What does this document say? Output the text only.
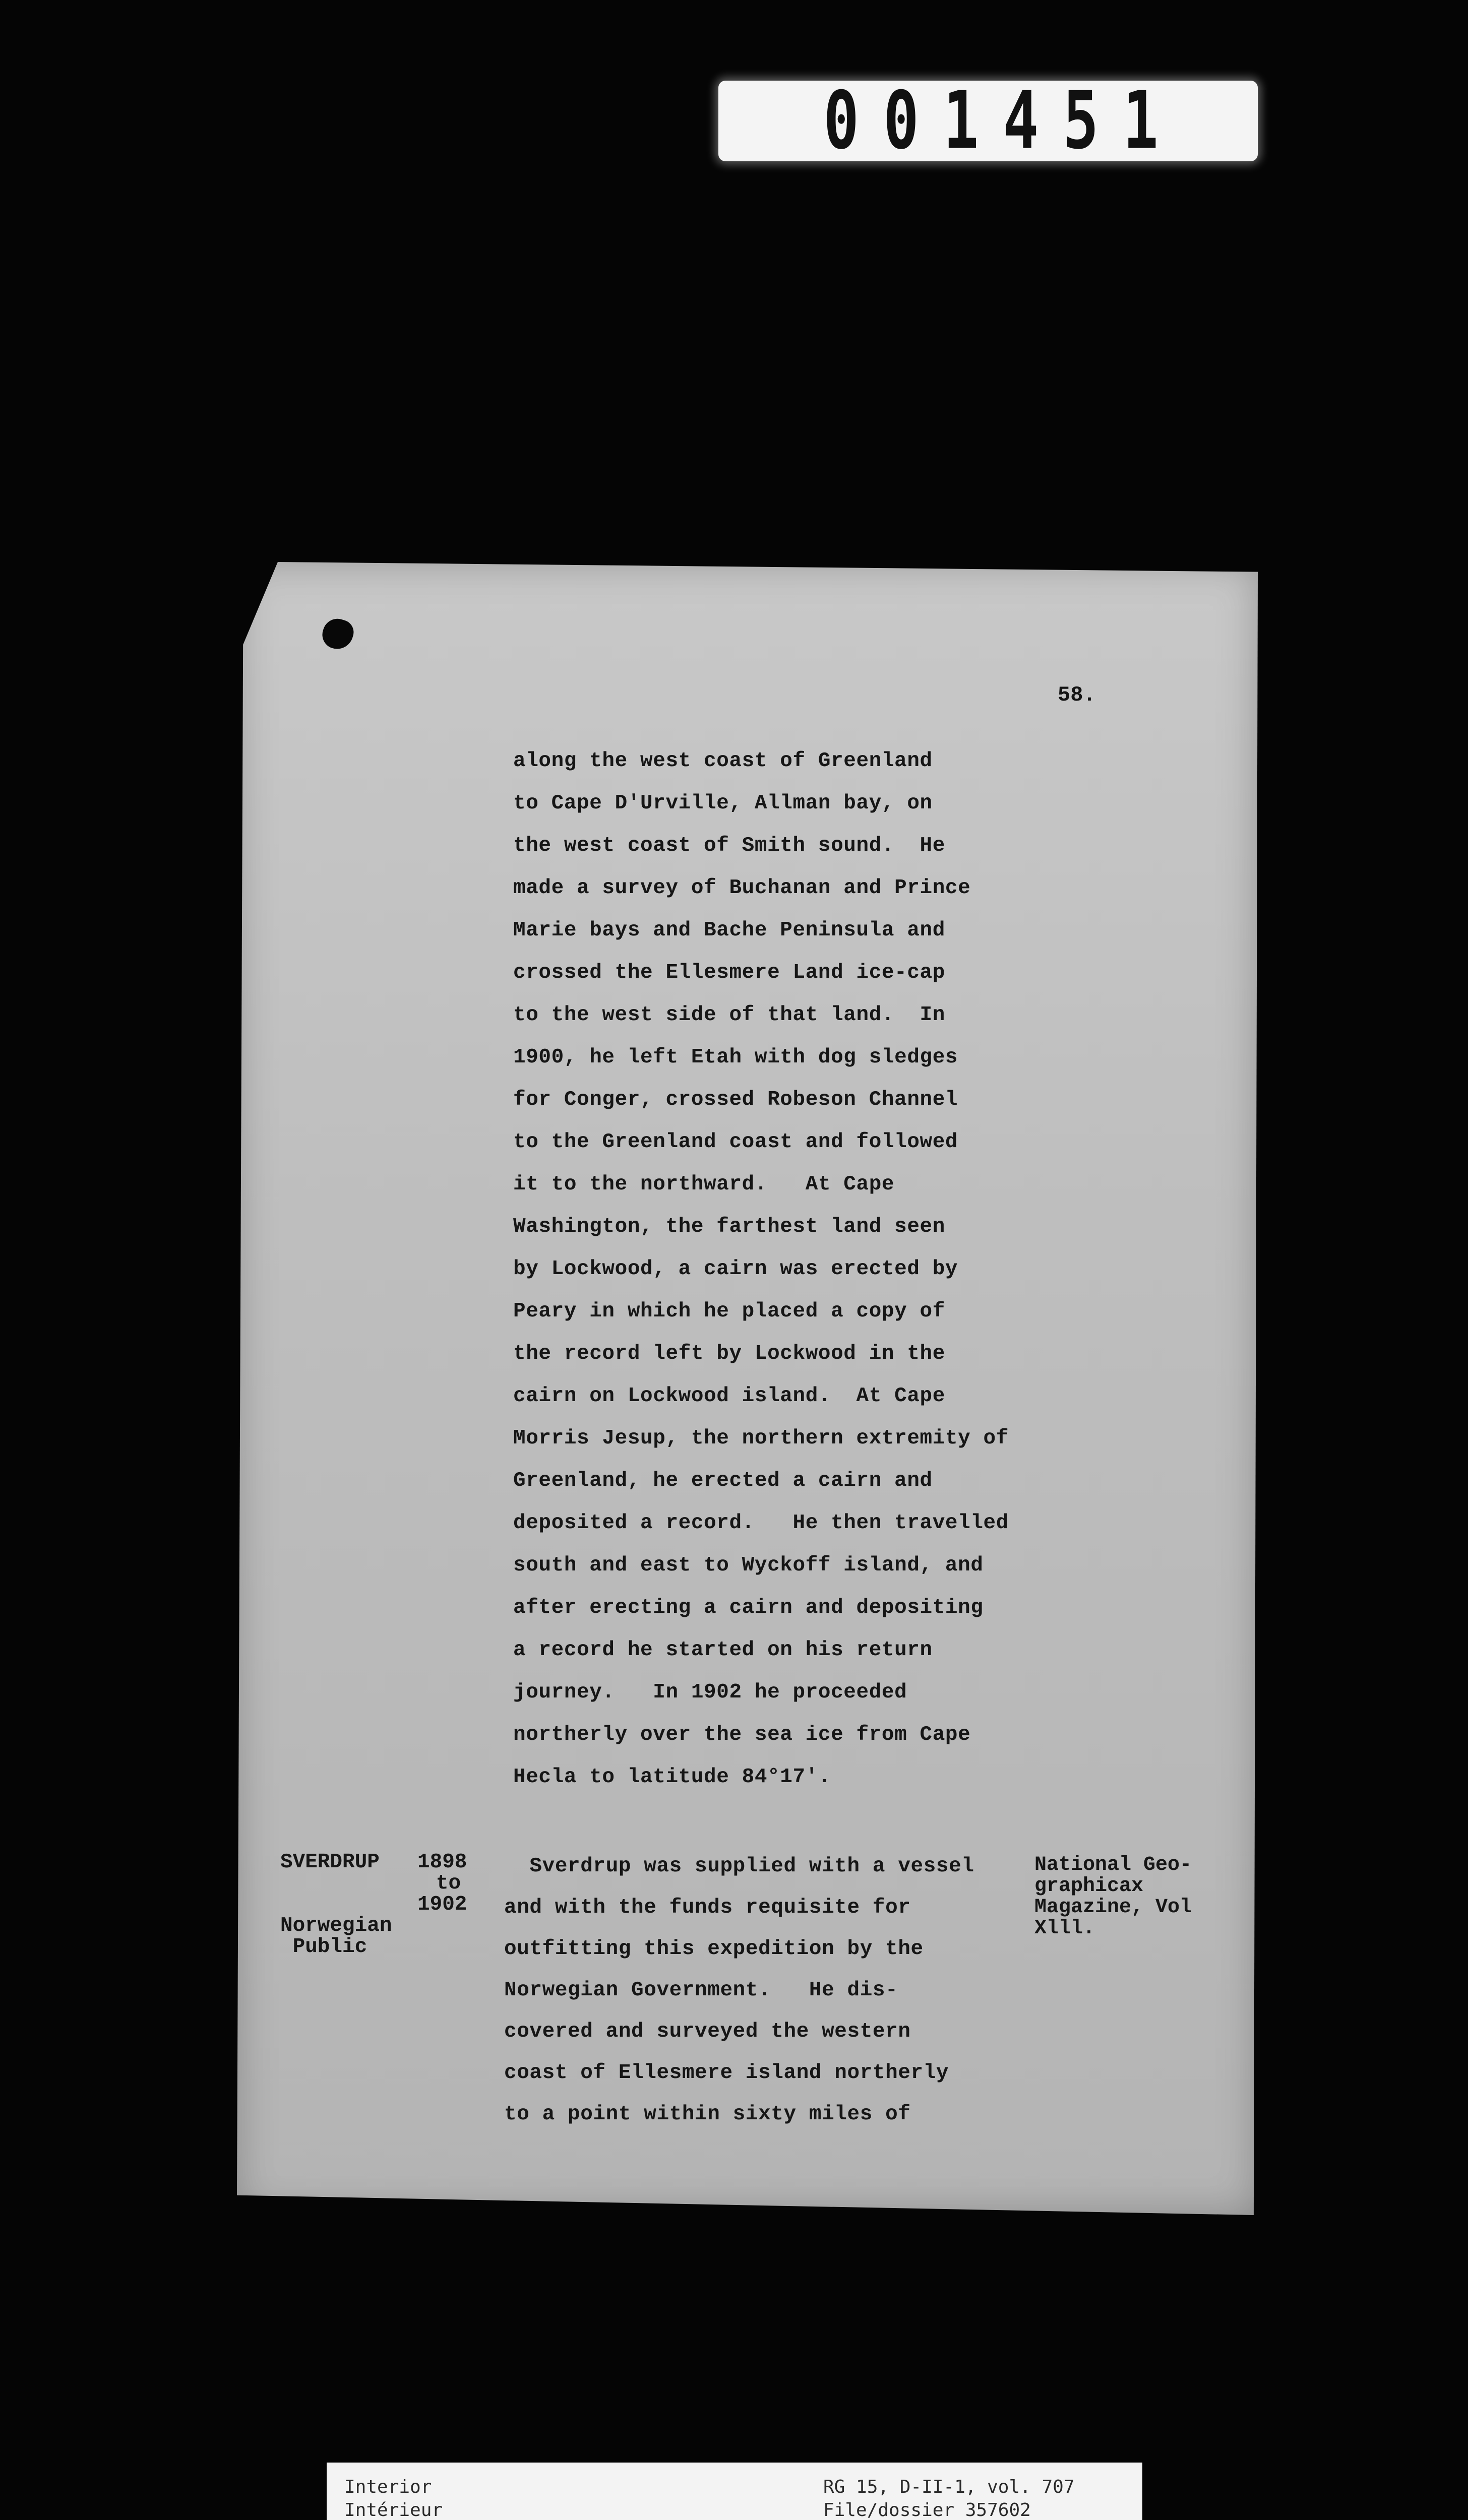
001451
58.
along the west coast of Greenland
to Cape D'Urville, Allman bay, on
the west coast of Smith sound.  He
made a survey of Buchanan and Prince
Marie bays and Bache Peninsula and
crossed the Ellesmere Land ice-cap
to the west side of that land.  In
1900, he left Etah with dog sledges
for Conger, crossed Robeson Channel
to the Greenland coast and followed
it to the northward.   At Cape
Washington, the farthest land seen
by Lockwood, a cairn was erected by
Peary in which he placed a copy of
the record left by Lockwood in the
cairn on Lockwood island.  At Cape
Morris Jesup, the northern extremity of
Greenland, he erected a cairn and
deposited a record.   He then travelled
south and east to Wyckoff island, and
after erecting a cairn and depositing
a record he started on his return
journey.   In 1902 he proceeded
northerly over the sea ice from Cape
Hecla to latitude 84°17'.
SVERDRUP 1898
to
1902
Norwegian
Public
Sverdrup was supplied with a vessel
and with the funds requisite for
outfitting this expedition by the
Norwegian Government.   He dis-
covered and surveyed the western
coast of Ellesmere island northerly
to a point within sixty miles of
National Geo-
graphicax
Magazine, Vol
Xlll.
Interior
Intérieur
RG 15, D-II-1, vol. 707
File/dossier 357602
